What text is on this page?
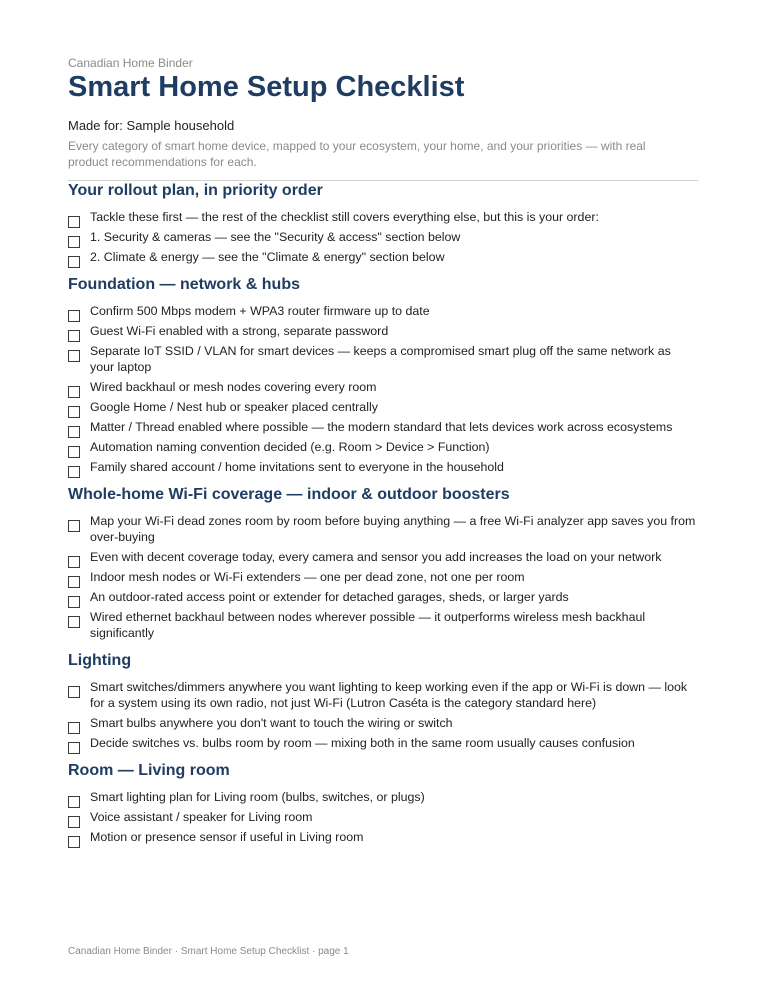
Canadian Home Binder
Smart Home Setup Checklist
Made for: Sample household
Every category of smart home device, mapped to your ecosystem, your home, and your priorities — with real product recommendations for each.
Your rollout plan, in priority order
Tackle these first — the rest of the checklist still covers everything else, but this is your order:
1. Security & cameras — see the "Security & access" section below
2. Climate & energy — see the "Climate & energy" section below
Foundation — network & hubs
Confirm 500 Mbps modem + WPA3 router firmware up to date
Guest Wi-Fi enabled with a strong, separate password
Separate IoT SSID / VLAN for smart devices — keeps a compromised smart plug off the same network as your laptop
Wired backhaul or mesh nodes covering every room
Google Home / Nest hub or speaker placed centrally
Matter / Thread enabled where possible — the modern standard that lets devices work across ecosystems
Automation naming convention decided (e.g. Room > Device > Function)
Family shared account / home invitations sent to everyone in the household
Whole-home Wi-Fi coverage — indoor & outdoor boosters
Map your Wi-Fi dead zones room by room before buying anything — a free Wi-Fi analyzer app saves you from over-buying
Even with decent coverage today, every camera and sensor you add increases the load on your network
Indoor mesh nodes or Wi-Fi extenders — one per dead zone, not one per room
An outdoor-rated access point or extender for detached garages, sheds, or larger yards
Wired ethernet backhaul between nodes wherever possible — it outperforms wireless mesh backhaul significantly
Lighting
Smart switches/dimmers anywhere you want lighting to keep working even if the app or Wi-Fi is down — look for a system using its own radio, not just Wi-Fi (Lutron Caséta is the category standard here)
Smart bulbs anywhere you don't want to touch the wiring or switch
Decide switches vs. bulbs room by room — mixing both in the same room usually causes confusion
Room — Living room
Smart lighting plan for Living room (bulbs, switches, or plugs)
Voice assistant / speaker for Living room
Motion or presence sensor if useful in Living room
Canadian Home Binder · Smart Home Setup Checklist · page 1
